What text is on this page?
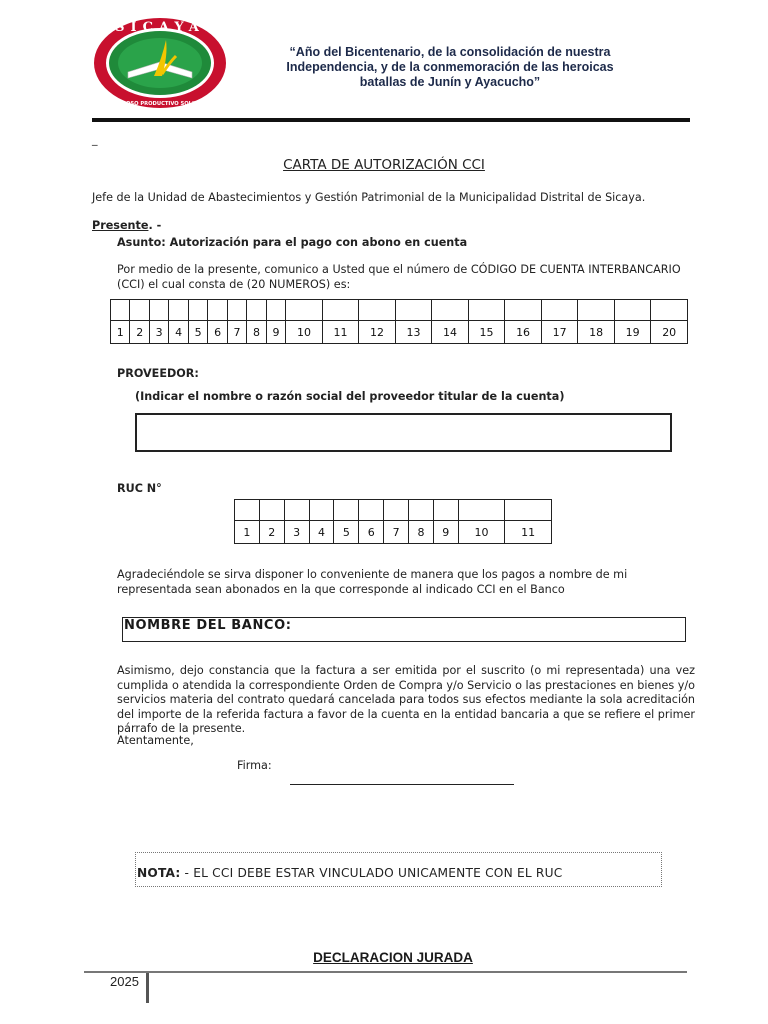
SICAYA
VALEROSO PRODUCTIVO SOLIDARIO
“Año del Bicentenario, de la consolidación de nuestra Independencia, y de la conmemoración de las heroicas batallas de Junín y Ayacucho”
_
CARTA DE AUTORIZACIÓN CCI
Jefe de la Unidad de Abastecimientos y Gestión Patrimonial de la Municipalidad Distrital de Sicaya.
Presente. -
Asunto: Autorización para el pago con abono en cuenta
Por medio de la presente, comunico a Usted que el número de CÓDIGO DE CUENTA INTERBANCARIO (CCI) el cual consta de (20 NUMEROS) es:

1	2	3	4	5	6	7	8	9	10	11	12	13	14	15	16	17	18	19	20
PROVEEDOR:
(Indicar el nombre o razón social del proveedor titular de la cuenta)
RUC N°

1	2	3	4	5	6	7	8	9	10	11
Agradeciéndole se sirva disponer lo conveniente de manera que los pagos a nombre de mi representada sean abonados en la que corresponde al indicado CCI en el Banco
NOMBRE DEL BANCO:
Asimismo, dejo constancia que la factura a ser emitida por el suscrito (o mi representada) una vez cumplida o atendida la correspondiente Orden de Compra y/o Servicio o las prestaciones en bienes y/o servicios materia del contrato quedará cancelada para todos sus efectos mediante la sola acreditación del importe de la referida factura a favor de la cuenta en la entidad bancaria a que se refiere el primer párrafo de la presente.
Atentamente,
Firma:
NOTA: - EL CCI DEBE ESTAR VINCULADO UNICAMENTE CON EL RUC
DECLARACION JURADA
2025
